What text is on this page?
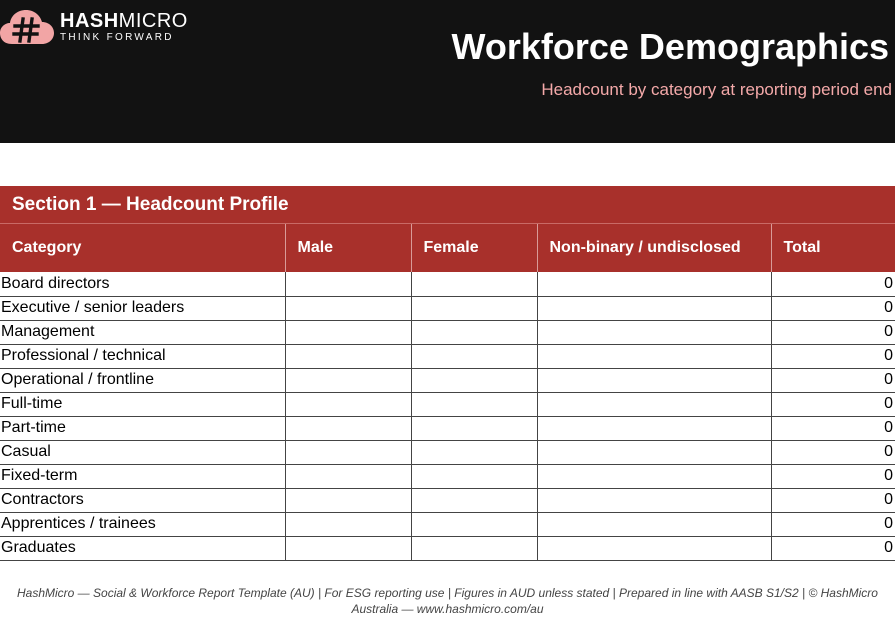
HASHMICRO
THINK FORWARD	Workforce Demographics
Headcount by category at reporting period end
Section 1 — Headcount Profile
Category	Male	Female	Non-binary / undisclosed	Total
Board directors				0
Executive / senior leaders				0
Management				0
Professional / technical				0
Operational / frontline				0
Full-time				0
Part-time				0
Casual				0
Fixed-term				0
Contractors				0
Apprentices / trainees				0
Graduates				0
HashMicro — Social & Workforce Report Template (AU) | For ESG reporting use | Figures in AUD unless stated | Prepared in line with AASB S1/S2 | © HashMicro Australia — www.hashmicro.com/au
